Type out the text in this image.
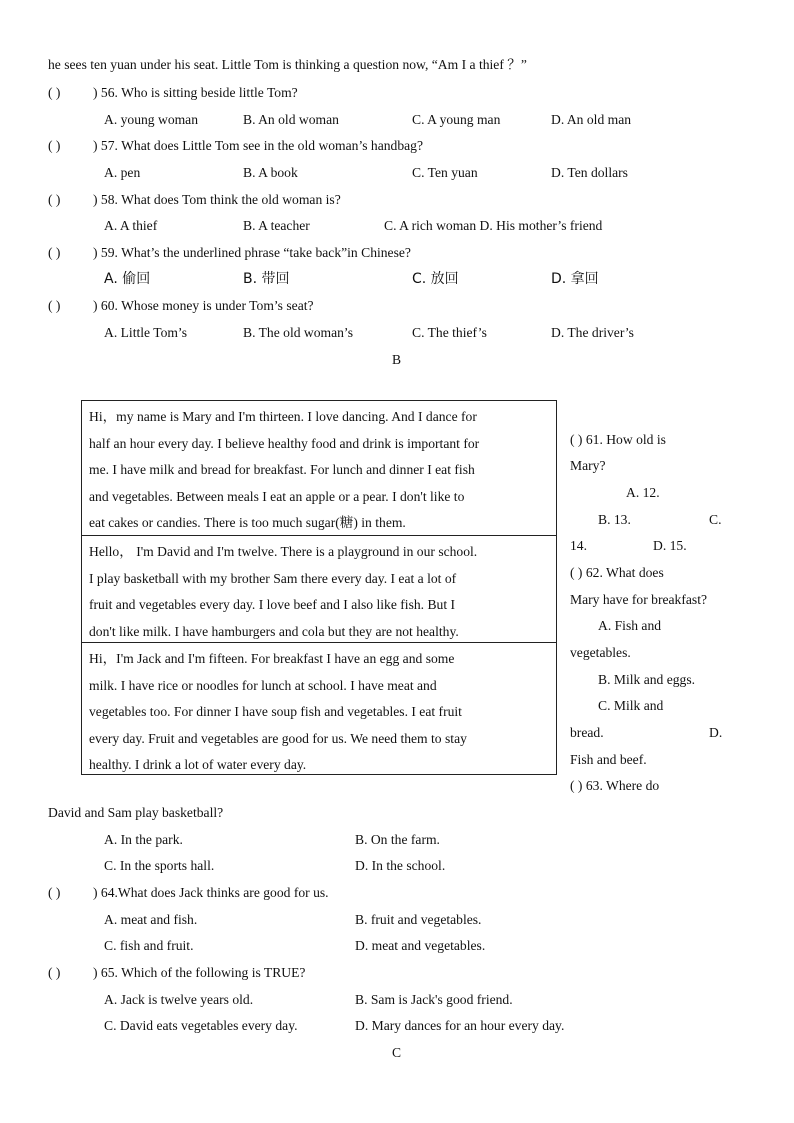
he sees ten yuan under his seat. Little Tom is thinking a question now, “Am I a thief ？”
( ) ) 56. Who is sitting beside little Tom?
A. young woman	B. An old woman	C. A young man	D. An old man
( ) ) 57. What does Little Tom see in the old woman’s handbag?
A. pen	B. A book	C. Ten yuan	D. Ten dollars
( ) ) 58. What does Tom think the old woman is?
A. A thief	B. A teacher	C. A rich woman D. His mother’s friend
( ) ) 59. What’s the underlined phrase “take back”in Chinese?
A. 偷回	B. 带回	C. 放回	D. 拿回
( ) ) 60. Whose money is under Tom’s seat?
A. Little Tom’s	B. The old woman’s	C. The thief’s	D. The driver’s
B
Hi，my name is Mary and I'm thirteen. I love dancing. And I dance for
half an hour every day. I believe healthy food and drink is important for
me. I have milk and bread for breakfast. For lunch and dinner I eat fish
and vegetables. Between meals I eat an apple or a pear. I don't like to
eat cakes or candies. There is too much sugar(糖) in them.
Hello， I'm David and I'm twelve. There is a playground in our school.
I play basketball with my brother Sam there every day. I eat a lot of
fruit and vegetables every day. I love beef and I also like fish. But I
don't like milk. I have hamburgers and cola but they are not healthy.
Hi，I'm Jack and I'm fifteen. For breakfast I have an egg and some
milk. I have rice or noodles for lunch at school. I have meat and
vegetables too. For dinner I have soup fish and vegetables. I eat fruit
every day. Fruit and vegetables are good for us. We need them to stay
healthy. I drink a lot of water every day.
( ) 61. How old is
Mary?
A. 12.
B. 13.	C.
14.	D. 15.
( ) 62. What does
Mary have for breakfast?
A. Fish and
vegetables.
B. Milk and eggs.
C. Milk and
bread.	D.
Fish and beef.
( ) 63. Where do
David and Sam play basketball?
A. In the park.	B. On the farm.
C. In the sports hall.	D. In the school.
( ) ) 64.What does Jack thinks are good for us.
A. meat and fish.	B. fruit and vegetables.
C. fish and fruit.	D. meat and vegetables.
( ) ) 65. Which of the following is TRUE?
A. Jack is twelve years old.	B. Sam is Jack's good friend.
C. David eats vegetables every day.	D. Mary dances for an hour every day.
C
